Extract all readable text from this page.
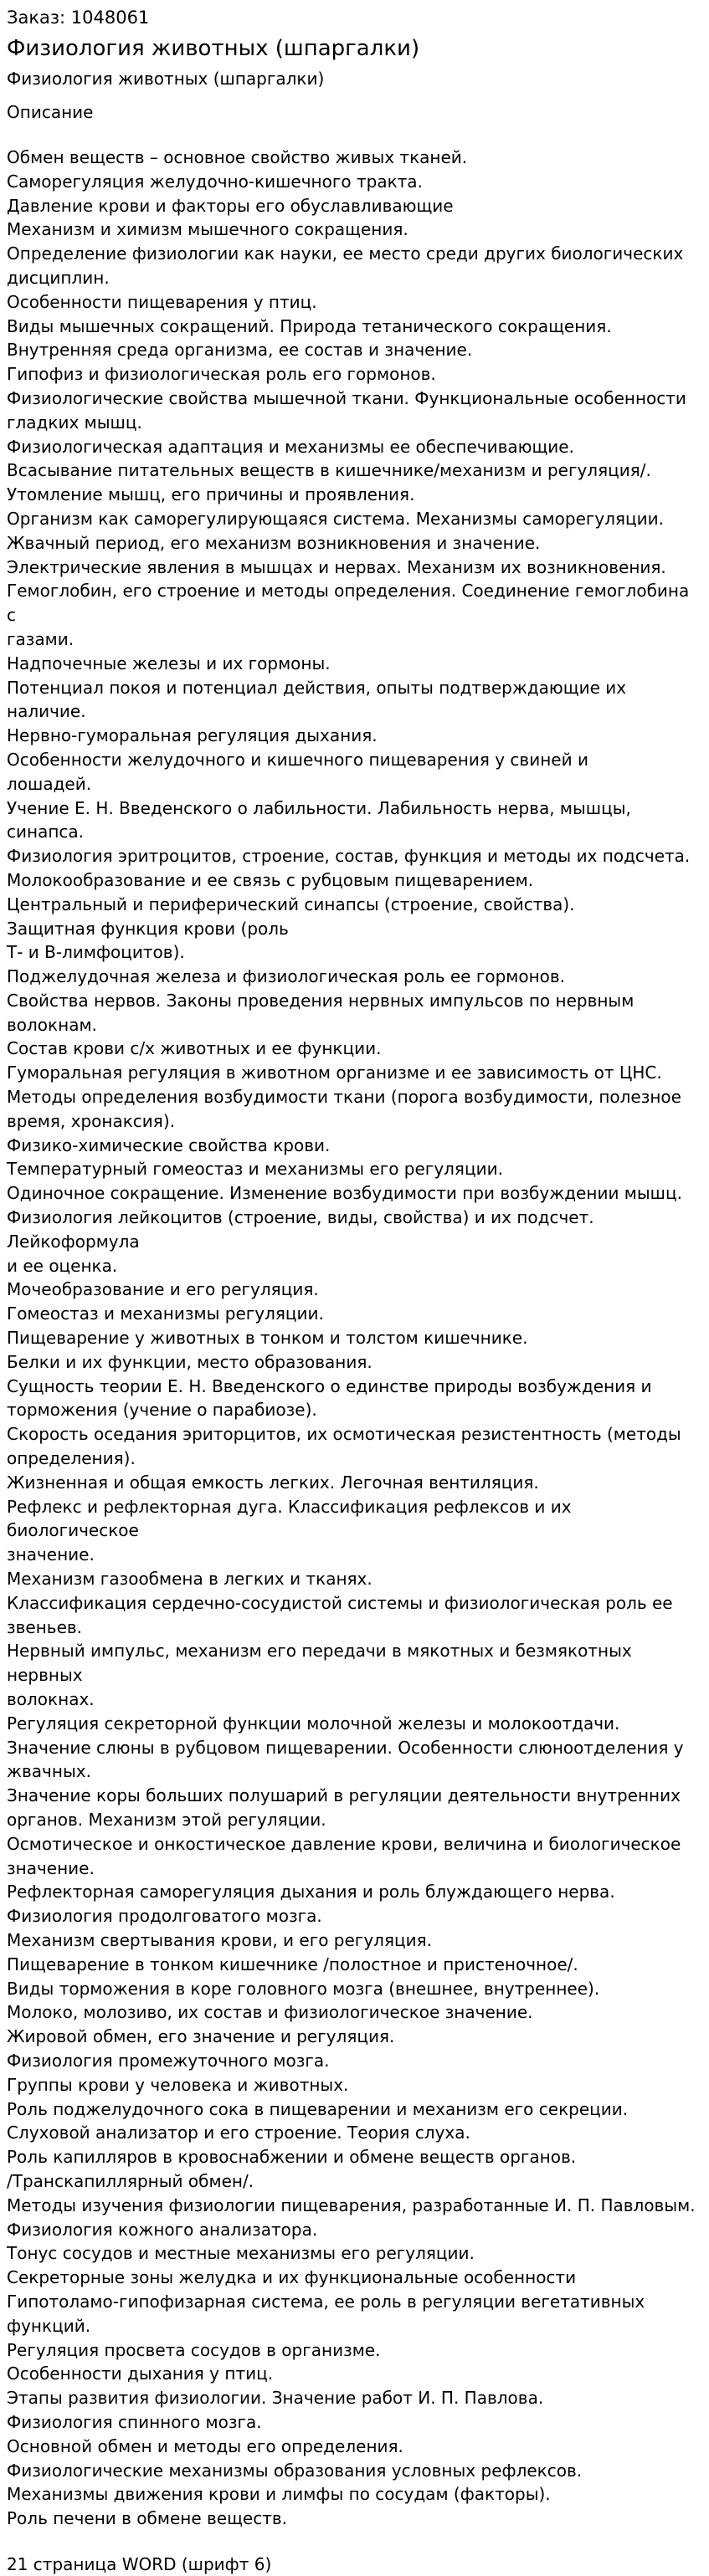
Заказ: 1048061
Физиология животных (шпаргалки)
Физиология животных (шпаргалки)
Описание
Обмен веществ – основное свойство живых тканей.
Саморегуляция желудочно-кишечного тракта.
Давление крови и факторы его обуславливающие
Механизм и химизм мышечного сокращения.
Определение физиологии как науки, ее место среди других биологических
дисциплин.
Особенности пищеварения у птиц.
Виды мышечных сокращений. Природа тетанического сокращения.
Внутренняя среда организма, ее состав и значение.
Гипофиз и физиологическая роль его гормонов.
Физиологические свойства мышечной ткани. Функциональные особенности
гладких мышц.
Физиологическая адаптация и механизмы ее обеспечивающие.
Всасывание питательных веществ в кишечнике/механизм и регуляция/.
Утомление мышц, его причины и проявления.
Организм как саморегулирующаяся система. Механизмы саморегуляции.
Жвачный период, его механизм возникновения и значение.
Электрические явления в мышцах и нервах. Механизм их возникновения.
Гемоглобин, его строение и методы определения. Соединение гемоглобина с
газами.
Надпочечные железы и их гормоны.
Потенциал покоя и потенциал действия, опыты подтверждающие их наличие.
Нервно-гуморальная регуляция дыхания.
Особенности желудочного и кишечного пищеварения у свиней и
лошадей.
Учение Е. Н. Введенского о лабильности. Лабильность нерва, мышцы, синапса.
Физиология эритроцитов, строение, состав, функция и методы их подсчета.
Молокообразование и ее связь с рубцовым пищеварением.
Центральный и периферический синапсы (строение, свойства).
Защитная функция крови (роль
Т- и В-лимфоцитов).
Поджелудочная железа и физиологическая роль ее гормонов.
Свойства нервов. Законы проведения нервных импульсов по нервным волокнам.
Состав крови с/х животных и ее функции.
Гуморальная регуляция в животном организме и ее зависимость от ЦНС.
Методы определения возбудимости ткани (порога возбудимости, полезное
время, хронаксия).
Физико-химические свойства крови.
Температурный гомеостаз и механизмы его регуляции.
Одиночное сокращение. Изменение возбудимости при возбуждении мышц.
Физиология лейкоцитов (строение, виды, свойства) и их подсчет. Лейкоформула
и ее оценка.
Мочеобразование и его регуляция.
Гомеостаз и механизмы регуляции.
Пищеварение у животных в тонком и толстом кишечнике.
Белки и их функции, место образования.
Сущность теории Е. Н. Введенского о единстве природы возбуждения и
торможения (учение о парабиозе).
Скорость оседания эриторцитов, их осмотическая резистентность (методы
определения).
Жизненная и общая емкость легких. Легочная вентиляция.
Рефлекс и рефлекторная дуга. Классификация рефлексов и их биологическое
значение.
Механизм газообмена в легких и тканях.
Классификация сердечно-сосудистой системы и физиологическая роль ее
звеньев.
Нервный импульс, механизм его передачи в мякотных и безмякотных нервных
волокнах.
Регуляция секреторной функции молочной железы и молокоотдачи.
Значение слюны в рубцовом пищеварении. Особенности слюноотделения у
жвачных.
Значение коры больших полушарий в регуляции деятельности внутренних
органов. Механизм этой регуляции.
Осмотическое и онкостическое давление крови, величина и биологическое
значение.
Рефлекторная саморегуляция дыхания и роль блуждающего нерва.
Физиология продолговатого мозга.
Механизм свертывания крови, и его регуляция.
Пищеварение в тонком кишечнике /полостное и пристеночное/.
Виды торможения в коре головного мозга (внешнее, внутреннее).
Молоко, молозиво, их состав и физиологическое значение.
Жировой обмен, его значение и регуляция.
Физиология промежуточного мозга.
Группы крови у человека и животных.
Роль поджелудочного сока в пищеварении и механизм его секреции.
Слуховой анализатор и его строение. Теория слуха.
Роль капилляров в кровоснабжении и обмене веществ органов.
/Транскапиллярный обмен/.
Методы изучения физиологии пищеварения, разработанные И. П. Павловым.
Физиология кожного анализатора.
Тонус сосудов и местные механизмы его регуляции.
Секреторные зоны желудка и их функциональные особенности
Гипотоламо-гипофизарная система, ее роль в регуляции вегетативных функций.
Регуляция просвета сосудов в организме.
Особенности дыхания у птиц.
Этапы развития физиологии. Значение работ И. П. Павлова.
Физиология спинного мозга.
Основной обмен и методы его определения.
Физиологические механизмы образования условных рефлексов.
Механизмы движения крови и лимфы по сосудам (факторы).
Роль печени в обмене веществ.
21 страница WORD (шрифт 6)
